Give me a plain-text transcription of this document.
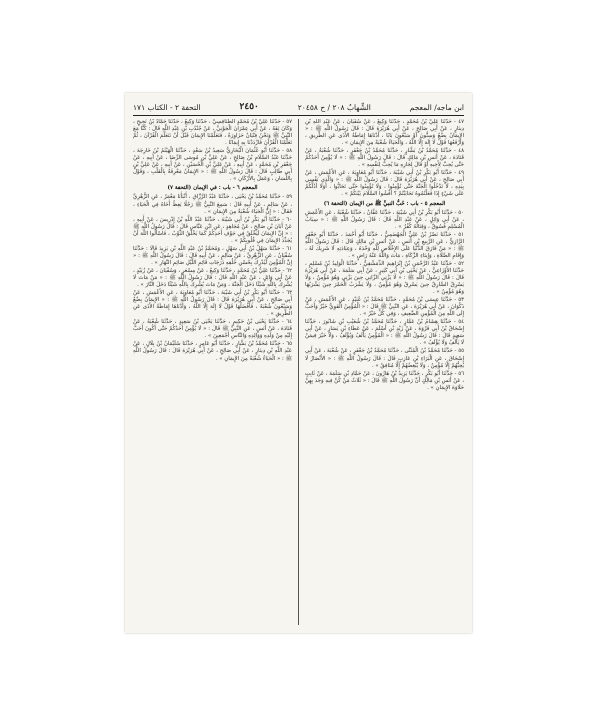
ابن ماجه/ المعجم
الشِّهابُ ٢٠٨ / ح ٢٠٤٥٨
٢٤٥٠
التحفة ٢ - الكتاب ١٧١

٤٧ - حَدَّثَنَا عَلِيُّ بْنُ مُحَمَّدٍ ، حَدَّثَنَا وَكِيعٌ ، عَنْ سُفْيَانَ ، عَنْ عَبْدِ اللَّهِ بْنِ دِينَارٍ ، عَنْ أَبِي صَالِحٍ ، عَنْ أَبِي هُرَيْرَةَ قَالَ : قَالَ رَسُولُ اللَّهِ ﷺ : « الإِيمَانُ بِضْعٌ وَسِتُّونَ أَوْ سَبْعُونَ بَابًا ، أَدْنَاهَا إِمَاطَةُ الأَذَى عَنِ الطَّرِيقِ ، وَأَرْفَعُهَا قَوْلُ لَا إِلَهَ إِلَّا اللَّهُ ، وَالْحَيَاءُ شُعْبَةٌ مِنَ الإِيمَانِ » .

٤٨ - حَدَّثَنَا مُحَمَّدُ بْنُ بَشَّارٍ ، حَدَّثَنَا مُحَمَّدُ بْنُ جَعْفَرٍ ، حَدَّثَنَا شُعْبَةُ ، عَنْ قَتَادَةَ ، عَنْ أَنَسِ بْنِ مَالِكٍ قَالَ : قَالَ رَسُولُ اللَّهِ ﷺ : « لَا يُؤْمِنُ أَحَدُكُمْ حَتَّى يُحِبَّ لِأَخِيهِ أَوْ قَالَ لِجَارِهِ مَا يُحِبُّ لِنَفْسِهِ » .

٤٩ - حَدَّثَنَا أَبُو بَكْرِ بْنُ أَبِي شَيْبَةَ ، حَدَّثَنَا أَبُو مُعَاوِيَةَ ، عَنِ الأَعْمَشِ ، عَنْ أَبِي صَالِحٍ ، عَنْ أَبِي هُرَيْرَةَ قَالَ : قَالَ رَسُولُ اللَّهِ ﷺ : « وَالَّذِي نَفْسِي بِيَدِهِ ، لَا تَدْخُلُوا الْجَنَّةَ حَتَّى تُؤْمِنُوا ، وَلَا تُؤْمِنُوا حَتَّى تَحَابُّوا ، أَوَلَا أَدُلُّكُمْ عَلَى شَيْءٍ إِذَا فَعَلْتُمُوهُ تَحَابَبْتُمْ ؟ أَفْشُوا السَّلَامَ بَيْنَكُمْ » .

المعجم ٥ - باب : حُبُّ النبيِّ ﷺ من الإيمان (التحفة ٦)

٥٠ - حَدَّثَنَا أَبُو بَكْرِ بْنُ أَبِي شَيْبَةَ ، حَدَّثَنَا عَفَّانُ ، حَدَّثَنَا شُعْبَةُ ، عَنِ الأَعْمَشِ ، عَنْ أَبِي وَائِلٍ ، عَنْ عَبْدِ اللَّهِ قَالَ : قَالَ رَسُولُ اللَّهِ ﷺ : « سِبَابُ الْمُسْلِمِ فُسُوقٌ ، وَقِتَالُهُ كُفْرٌ » .

٥١ - حَدَّثَنَا نَصْرُ بْنُ عَلِيٍّ الْجَهْضَمِيُّ ، حَدَّثَنَا أَبُو أَحْمَدَ ، حَدَّثَنَا أَبُو جَعْفَرٍ الرَّازِيُّ ، عَنِ الرَّبِيعِ بْنِ أَنَسٍ ، عَنْ أَنَسِ بْنِ مَالِكٍ قَالَ : قَالَ رَسُولُ اللَّهِ ﷺ : « مَنْ فَارَقَ الدُّنْيَا عَلَى الإِخْلَاصِ لِلَّهِ وَحْدَهُ ، وَعِبَادَتِهِ لَا شَرِيكَ لَهُ ، وَإِقَامِ الصَّلَاةِ ، وَإِيتَاءِ الزَّكَاةِ ، مَاتَ وَاللَّهُ عَنْهُ رَاضٍ » .

٥٢ - حَدَّثَنَا عَبْدُ الرَّحْمَنِ بْنُ إِبْرَاهِيمَ الدِّمَشْقِيُّ ، حَدَّثَنَا الْوَلِيدُ بْنُ مُسْلِمٍ ، حَدَّثَنَا الأَوْزَاعِيُّ ، عَنْ يَحْيَى بْنِ أَبِي كَثِيرٍ ، عَنْ أَبِي سَلَمَةَ ، عَنْ أَبِي هُرَيْرَةَ قَالَ : قَالَ رَسُولُ اللَّهِ ﷺ : « لَا يَزْنِي الزَّانِي حِينَ يَزْنِي وَهُوَ مُؤْمِنٌ ، وَلَا يَسْرِقُ السَّارِقُ حِينَ يَسْرِقُ وَهُوَ مُؤْمِنٌ ، وَلَا يَشْرَبُ الْخَمْرَ حِينَ يَشْرَبُهَا وَهُوَ مُؤْمِنٌ » .

٥٣ - حَدَّثَنَا عِيسَى بْنُ مُحَمَّدٍ ، حَدَّثَنَا مُحَمَّدُ بْنُ عُبَيْدٍ ، عَنِ الأَعْمَشِ ، عَنْ ذَكْوَانَ ، عَنْ أَبِي هُرَيْرَةَ ، عَنِ النَّبِيِّ ﷺ قَالَ : « الْمُؤْمِنُ الْقَوِيُّ خَيْرٌ وَأَحَبُّ إِلَى اللَّهِ مِنَ الْمُؤْمِنِ الضَّعِيفِ ، وَفِي كُلٍّ خَيْرٌ » .

٥٤ - حَدَّثَنَا هِشَامُ بْنُ عَمَّارٍ ، حَدَّثَنَا مُحَمَّدُ بْنُ شُعَيْبِ بْنِ شَابُورَ ، حَدَّثَنَا إِسْحَاقُ بْنُ أَبِي فَرْوَةَ ، عَنْ زَيْدِ بْنِ أَسْلَمَ ، عَنْ عَطَاءِ بْنِ يَسَارٍ ، عَنْ أَبِي سَعِيدٍ قَالَ : قَالَ رَسُولُ اللَّهِ ﷺ : « الْمُؤْمِنُ يَأْلَفُ وَيُؤْلَفُ ، وَلَا خَيْرَ فِيمَنْ لَا يَأْلَفُ وَلَا يُؤْلَفُ » .

٥٥ - حَدَّثَنَا مُحَمَّدُ بْنُ الْمُثَنَّى ، حَدَّثَنَا مُحَمَّدُ بْنُ جَعْفَرٍ ، عَنْ شُعْبَةَ ، عَنْ أَبِي إِسْحَاقَ ، عَنِ الْبَرَاءِ بْنِ عَازِبٍ قَالَ : قَالَ رَسُولُ اللَّهِ ﷺ : « الأَنْصَارُ لَا يُحِبُّهُمْ إِلَّا مُؤْمِنٌ ، وَلَا يُبْغِضُهُمْ إِلَّا مُنَافِقٌ » .

٥٦ - حَدَّثَنَا أَبُو بَكْرٍ ، حَدَّثَنَا يَزِيدُ بْنُ هَارُونَ ، عَنْ حَمَّادِ بْنِ سَلَمَةَ ، عَنْ ثَابِتٍ ، عَنْ أَنَسِ بْنِ مَالِكٍ أَنَّ رَسُولَ اللَّهِ ﷺ قَالَ : « ثَلَاثٌ مَنْ كُنَّ فِيهِ وَجَدَ بِهِنَّ حَلَاوَةَ الإِيمَانِ » .

٥٧ - حَدَّثَنَا عَلِيُّ بْنُ مُحَمَّدٍ الطَّنَافِسِيُّ ، حَدَّثَنَا وَكِيعٌ ، حَدَّثَنَا حَمَّادُ بْنُ نَجِيحٍ ، وَكَانَ ثِقَةً ، عَنْ أَبِي عِمْرَانَ الْجَوْنِيِّ ، عَنْ جُنْدُبِ بْنِ عَبْدِ اللَّهِ قَالَ : كُنَّا مَعَ النَّبِيِّ ﷺ وَنَحْنُ فِتْيَانٌ حَزَاوِرَةٌ ، فَتَعَلَّمْنَا الإِيمَانَ قَبْلَ أَنْ نَتَعَلَّمَ الْقُرْآنَ ، ثُمَّ تَعَلَّمْنَا الْقُرْآنَ فَازْدَدْنَا بِهِ إِيمَانًا .

٥٨ - حَدَّثَنَا أَبُو عُثْمَانَ الْبُخَارِيُّ سَعِيدُ بْنُ سَعْدٍ ، حَدَّثَنَا الْهَيْثَمُ بْنُ خَارِجَةَ ، حَدَّثَنَا عَبْدُ السَّلَامِ بْنُ صَالِحٍ ، عَنْ عَلِيِّ بْنِ مُوسَى الرِّضَا ، عَنْ أَبِيهِ ، عَنْ جَعْفَرِ بْنِ مُحَمَّدٍ ، عَنْ أَبِيهِ ، عَنْ عَلِيِّ بْنِ الْحُسَيْنِ ، عَنْ أَبِيهِ ، عَنْ عَلِيِّ بْنِ أَبِي طَالِبٍ قَالَ : قَالَ رَسُولُ اللَّهِ ﷺ : « الإِيمَانُ مَعْرِفَةٌ بِالْقَلْبِ ، وَقَوْلٌ بِاللِّسَانِ ، وَعَمَلٌ بِالأَرْكَانِ » .

المعجم ٦ - باب : في الإيمان (التحفة ٧)

٥٩ - حَدَّثَنَا مُحَمَّدُ بْنُ يَحْيَى ، حَدَّثَنَا عَبْدُ الرَّزَّاقِ ، أَنْبَأَنَا مَعْمَرٌ ، عَنِ الزُّهْرِيِّ ، عَنْ سَالِمٍ ، عَنْ أَبِيهِ قَالَ : سَمِعَ النَّبِيُّ ﷺ رَجُلًا يَعِظُ أَخَاهُ فِي الْحَيَاءِ ، فَقَالَ : « إِنَّ الْحَيَاءَ شُعْبَةٌ مِنَ الإِيمَانِ » .

٦٠ - حَدَّثَنَا أَبُو بَكْرِ بْنُ أَبِي شَيْبَةَ ، حَدَّثَنَا عَبْدُ اللَّهِ بْنُ إِدْرِيسَ ، عَنْ أَبِيهِ ، عَنْ أَبَانَ بْنِ صَالِحٍ ، عَنْ مُجَاهِدٍ ، عَنِ ابْنِ عَبَّاسٍ قَالَ : قَالَ رَسُولُ اللَّهِ ﷺ : « إِنَّ الإِيمَانَ لَيَخْلَقُ فِي جَوْفِ أَحَدِكُمْ كَمَا يَخْلَقُ الثَّوْبُ ، فَاسْأَلُوا اللَّهَ أَنْ يُجَدِّدَ الإِيمَانَ فِي قُلُوبِكُمْ » .

٦١ - حَدَّثَنَا سَهْلُ بْنُ أَبِي سَهْلٍ ، وَمُحَمَّدُ بْنُ عَبْدِ اللَّهِ بْنِ يَزِيدَ قَالَا : حَدَّثَنَا سُفْيَانُ ، عَنِ الزُّهْرِيِّ ، عَنْ سَالِمٍ ، عَنْ أَبِيهِ قَالَ : قَالَ رَسُولُ اللَّهِ ﷺ : « إِنَّ الْمُؤْمِنَ لَيُدْرِكُ بِحُسْنِ خُلُقِهِ دَرَجَاتِ قَائِمِ اللَّيْلِ صَائِمِ النَّهَارِ » .

٦٢ - حَدَّثَنَا عَلِيُّ بْنُ مُحَمَّدٍ ، حَدَّثَنَا وَكِيعٌ ، عَنْ مِسْعَرٍ ، وَسُفْيَانَ ، عَنْ زُبَيْدٍ ، عَنْ أَبِي وَائِلٍ ، عَنْ عَبْدِ اللَّهِ قَالَ : قَالَ رَسُولُ اللَّهِ ﷺ : « مَنْ مَاتَ لَا يُشْرِكُ بِاللَّهِ شَيْئًا دَخَلَ الْجَنَّةَ ، وَمَنْ مَاتَ يُشْرِكُ بِاللَّهِ شَيْئًا دَخَلَ النَّارَ » .

٦٣ - حَدَّثَنَا أَبُو بَكْرِ بْنُ أَبِي شَيْبَةَ ، حَدَّثَنَا أَبُو مُعَاوِيَةَ ، عَنِ الأَعْمَشِ ، عَنْ أَبِي صَالِحٍ ، عَنْ أَبِي هُرَيْرَةَ قَالَ : قَالَ رَسُولُ اللَّهِ ﷺ : « الإِيمَانُ بِضْعٌ وَسَبْعُونَ شُعْبَةً ، فَأَفْضَلُهَا قَوْلُ لَا إِلَهَ إِلَّا اللَّهُ ، وَأَدْنَاهَا إِمَاطَةُ الأَذَى عَنِ الطَّرِيقِ » .

٦٤ - حَدَّثَنَا يَحْيَى بْنُ حَكِيمٍ ، حَدَّثَنَا يَحْيَى بْنُ سَعِيدٍ ، حَدَّثَنَا شُعْبَةُ ، عَنْ قَتَادَةَ ، عَنْ أَنَسٍ ، عَنِ النَّبِيِّ ﷺ قَالَ : « لَا يُؤْمِنُ أَحَدُكُمْ حَتَّى أَكُونَ أَحَبَّ إِلَيْهِ مِنْ وَلَدِهِ وَوَالِدِهِ وَالنَّاسِ أَجْمَعِينَ » .

٦٥ - حَدَّثَنَا مُحَمَّدُ بْنُ بَشَّارٍ ، حَدَّثَنَا أَبُو عَامِرٍ ، حَدَّثَنَا سُلَيْمَانُ بْنُ بِلَالٍ ، عَنْ عَبْدِ اللَّهِ بْنِ دِينَارٍ ، عَنْ أَبِي صَالِحٍ ، عَنْ أَبِي هُرَيْرَةَ قَالَ : قَالَ رَسُولُ اللَّهِ ﷺ : « الْحَيَاءُ شُعْبَةٌ مِنَ الإِيمَانِ » .
